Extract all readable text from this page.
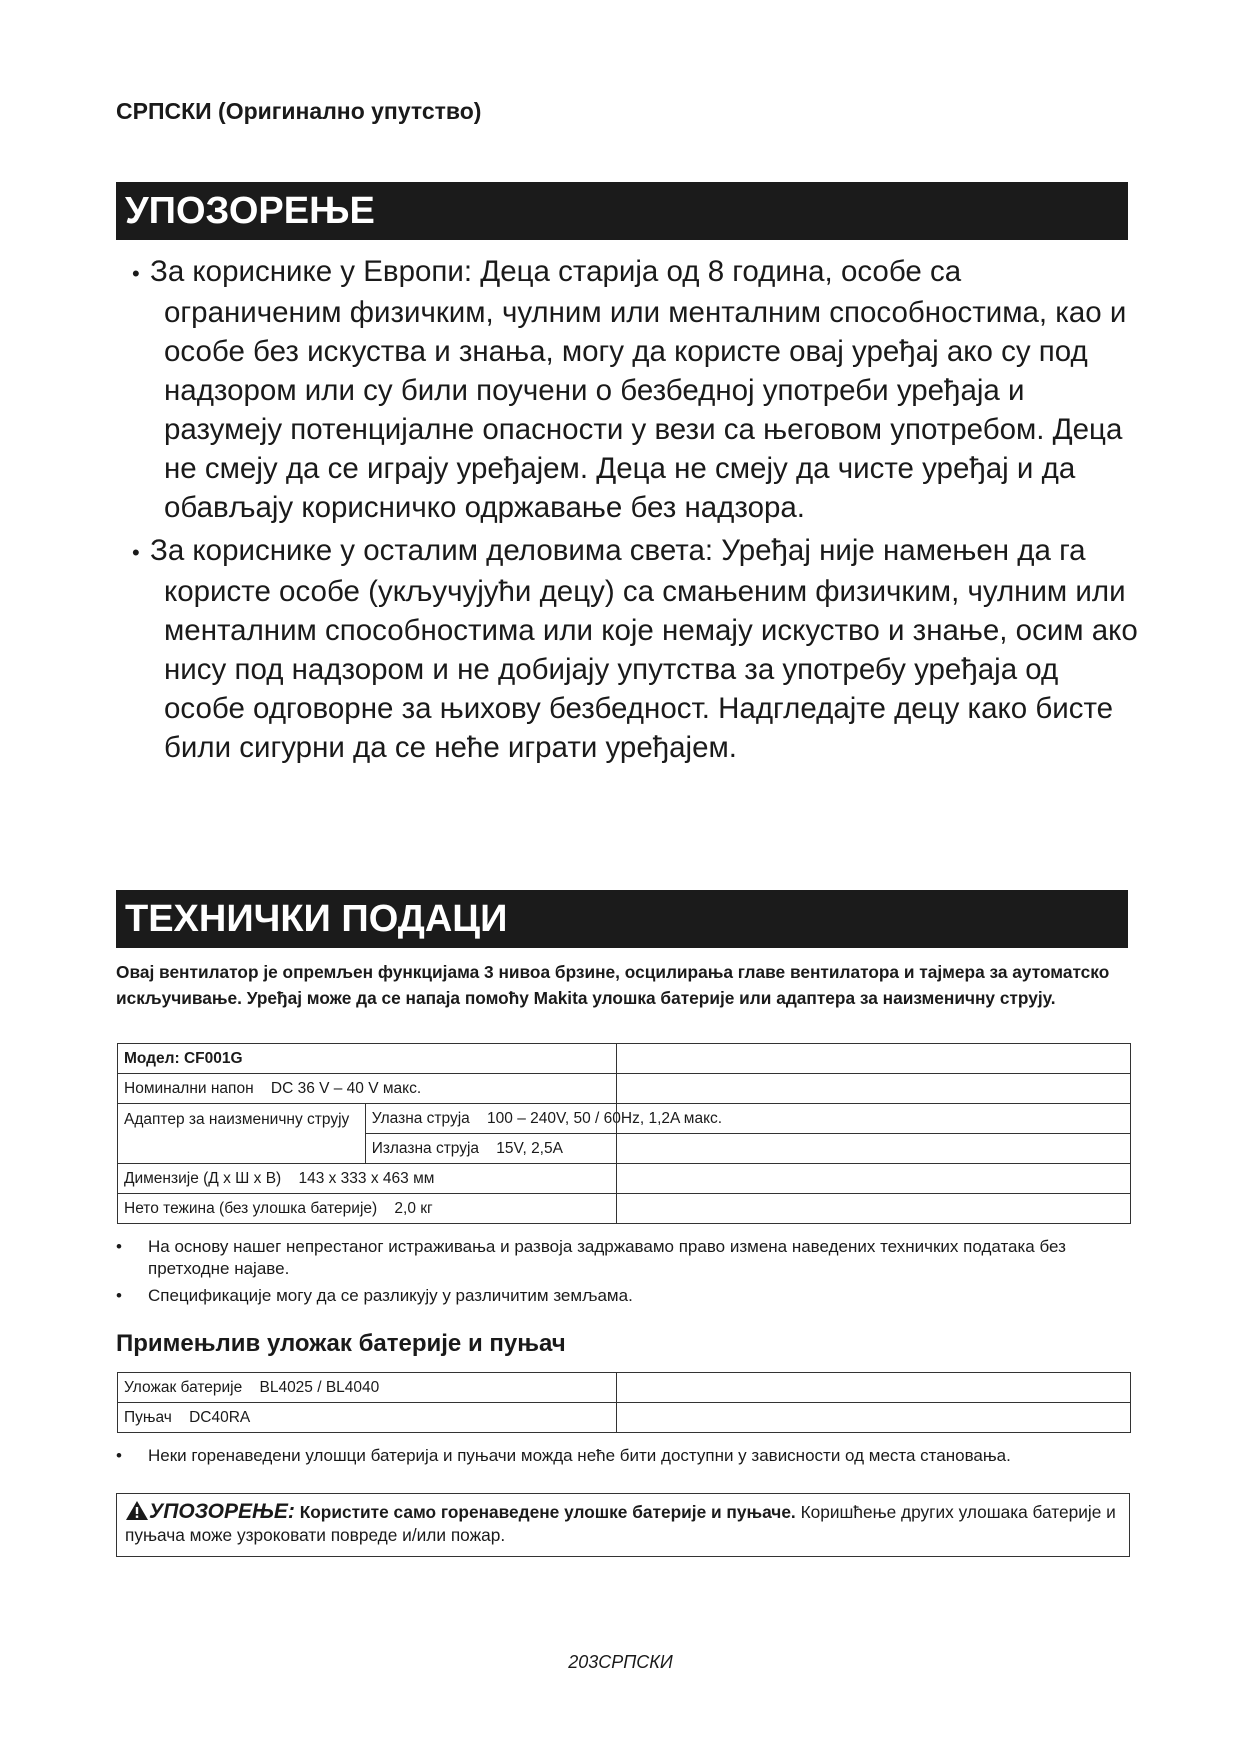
СРПСКИ (Оригинално упутство)
УПОЗОРЕЊЕ
• За кориснике у Европи: Деца старија од 8 година, особе са ограниченим физичким, чулним или менталним способностима, као и особе без искуства и знања, могу да користе овај уређај ако су под надзором или су били поучени о безбедној употреби уређаја и разумеју потенцијалне опасности у вези са његовом употребом. Деца не смеју да се играју уређајем. Деца не смеју да чисте уређај и да обављају корисничко одржавање без надзора.
• За кориснике у осталим деловима света: Уређај није намењен да га користе особе (укључујући децу) са смањеним физичким, чулним или менталним способностима или које немају искуство и знање, осим ако нису под надзором и не добијају упутства за употребу уређаја од особе одговорне за њихову безбедност. Надгледајте децу како бисте били сигурни да се неће играти уређајем.
ТЕХНИЧКИ ПОДАЦИ
Овај вентилатор је опремљен функцијама 3 нивоа брзине, осцилирања главе вентилатора и тајмера за аутоматско искључивање. Уређај може да се напаја помоћу Makita улошка батерије или адаптера за наизменичну струју.
Модел: CF001G		
Номинални напон DC 36 V – 40 V макс.		
Адаптер за наизменичну струју	Улазна струја 100 – 240V, 50 / 60Hz, 1,2A макс.	

	Излазна струја 15V, 2,5A	
Димензије (Д x Ш x В) 143 x 333 x 463 мм		
Нето тежина (без улошка батерије) 2,0 кг		
• На основу нашег непрестаног истраживања и развоја задржавамо право измена наведених техничких података без претходне најаве.
• Спецификације могу да се разликују у различитим земљама.
Примењлив уложак батерије и пуњач
Уложак батерије BL4025 / BL4040	
Пуњач DC40RA	
• Неки горенаведени улошци батерија и пуњачи можда неће бити доступни у зависности од места становања.
УПОЗОРЕЊЕ: Користите само горенаведене улошке батерије и пуњаче. Коришћење других улошака батерије и пуњача може узроковати повреде и/или пожар.
203СРПСКИ
